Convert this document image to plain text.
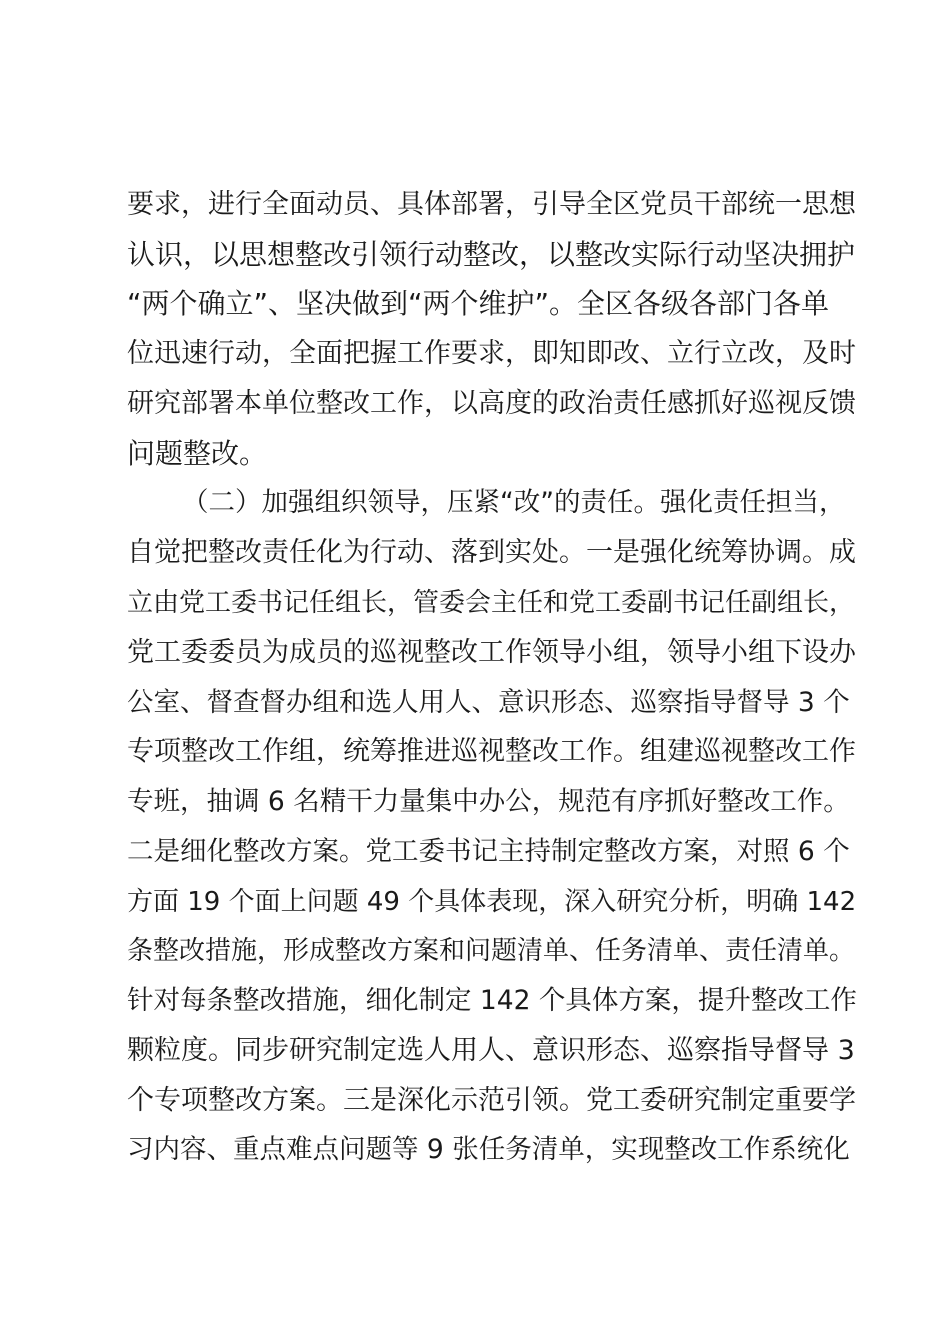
要求，进行全面动员、具体部署，引导全区党员干部统一思想
认识，以思想整改引领行动整改，以整改实际行动坚决拥护
“两个确立”、坚决做到“两个维护”。全区各级各部门各单
位迅速行动，全面把握工作要求，即知即改、立行立改，及时
研究部署本单位整改工作，以高度的政治责任感抓好巡视反馈
问题整改。
（二）加强组织领导，压紧“改”的责任。强化责任担当，
自觉把整改责任化为行动、落到实处。一是强化统筹协调。成
立由党工委书记任组长，管委会主任和党工委副书记任副组长，
党工委委员为成员的巡视整改工作领导小组，领导小组下设办
公室、督查督办组和选人用人、意识形态、巡察指导督导 3 个
专项整改工作组，统筹推进巡视整改工作。组建巡视整改工作
专班，抽调 6 名精干力量集中办公，规范有序抓好整改工作。
二是细化整改方案。党工委书记主持制定整改方案，对照 6 个
方面 19 个面上问题 49 个具体表现，深入研究分析，明确 142
条整改措施，形成整改方案和问题清单、任务清单、责任清单。
针对每条整改措施，细化制定 142 个具体方案，提升整改工作
颗粒度。同步研究制定选人用人、意识形态、巡察指导督导 3
个专项整改方案。三是深化示范引领。党工委研究制定重要学
习内容、重点难点问题等 9 张任务清单，实现整改工作系统化
